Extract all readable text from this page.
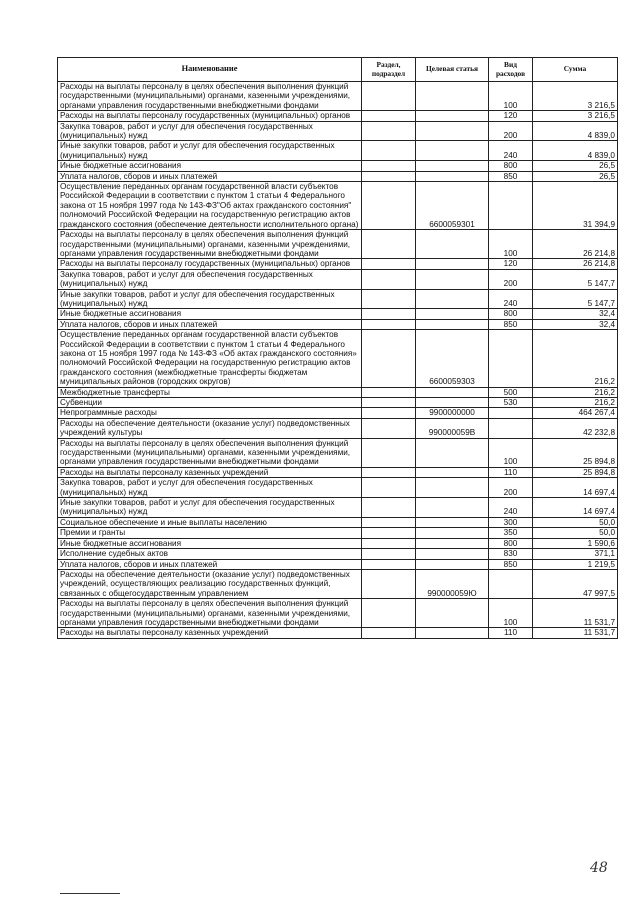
Наименование	Раздел, подраздел	Целевая статья	Вид расходов	Сумма
Расходы на выплаты персоналу в целях обеспечения выполнения функций государственными (муниципальными) органами, казенными учреждениями, органами управления государственными внебюджетными фондами			100	3 216,5
Расходы на выплаты персоналу государственных (муниципальных) органов			120	3 216,5
Закупка товаров, работ и услуг для обеспечения государственных (муниципальных) нужд			200	4 839,0
Иные закупки товаров, работ и услуг для обеспечения государственных (муниципальных) нужд			240	4 839,0
Иные бюджетные ассигнования			800	26,5
Уплата налогов, сборов и иных платежей			850	26,5
Осуществление переданных органам государственной власти субъектов Российской Федерации в соответствии с пунктом 1 статьи 4 Федерального закона от 15 ноября 1997 года № 143-ФЗ"Об актах гражданского состояния" полномочий Российской Федерации на государственную регистрацию актов гражданского состояния (обеспечение деятельности исполнительного органа)		6600059301		31 394,9
Расходы на выплаты персоналу в целях обеспечения выполнения функций государственными (муниципальными) органами, казенными учреждениями, органами управления государственными внебюджетными фондами			100	26 214,8
Расходы на выплаты персоналу государственных (муниципальных) органов			120	26 214,8
Закупка товаров, работ и услуг для обеспечения государственных (муниципальных) нужд			200	5 147,7
Иные закупки товаров, работ и услуг для обеспечения государственных (муниципальных) нужд			240	5 147,7
Иные бюджетные ассигнования			800	32,4
Уплата налогов, сборов и иных платежей			850	32,4
Осуществление переданных органам государственной власти субъектов Российской Федерации в соответствии с пунктом 1 статьи 4 Федерального закона от 15 ноября 1997 года № 143-ФЗ «Об актах гражданского состояния» полномочий Российской Федерации на государственную регистрацию актов гражданского состояния (межбюджетные трансферты бюджетам муниципальных районов (городских округов)		6600059303		216,2
Межбюджетные трансферты			500	216,2
Субвенции			530	216,2
Непрограммные расходы		9900000000		464 267,4
Расходы на обеспечение деятельности (оказание услуг) подведомственных учреждений культуры		990000059В		42 232,8
Расходы на выплаты персоналу в целях обеспечения выполнения функций государственными (муниципальными) органами, казенными учреждениями, органами управления государственными внебюджетными фондами			100	25 894,8
Расходы на выплаты персоналу казенных учреждений			110	25 894,8
Закупка товаров, работ и услуг для обеспечения государственных (муниципальных) нужд			200	14 697,4
Иные закупки товаров, работ и услуг для обеспечения государственных (муниципальных) нужд			240	14 697,4
Социальное обеспечение и иные выплаты населению			300	50,0
Премии и гранты			350	50,0
Иные бюджетные ассигнования			800	1 590,6
Исполнение судебных актов			830	371,1
Уплата налогов, сборов и иных платежей			850	1 219,5
Расходы на обеспечение деятельности (оказание услуг) подведомственных учреждений, осуществляющих реализацию государственных функций, связанных с общегосударственным управлением		990000059Ю		47 997,5
Расходы на выплаты персоналу в целях обеспечения выполнения функций государственными (муниципальными) органами, казенными учреждениями, органами управления государственными внебюджетными фондами			100	11 531,7
Расходы на выплаты персоналу казенных учреждений			110	11 531,7
48
